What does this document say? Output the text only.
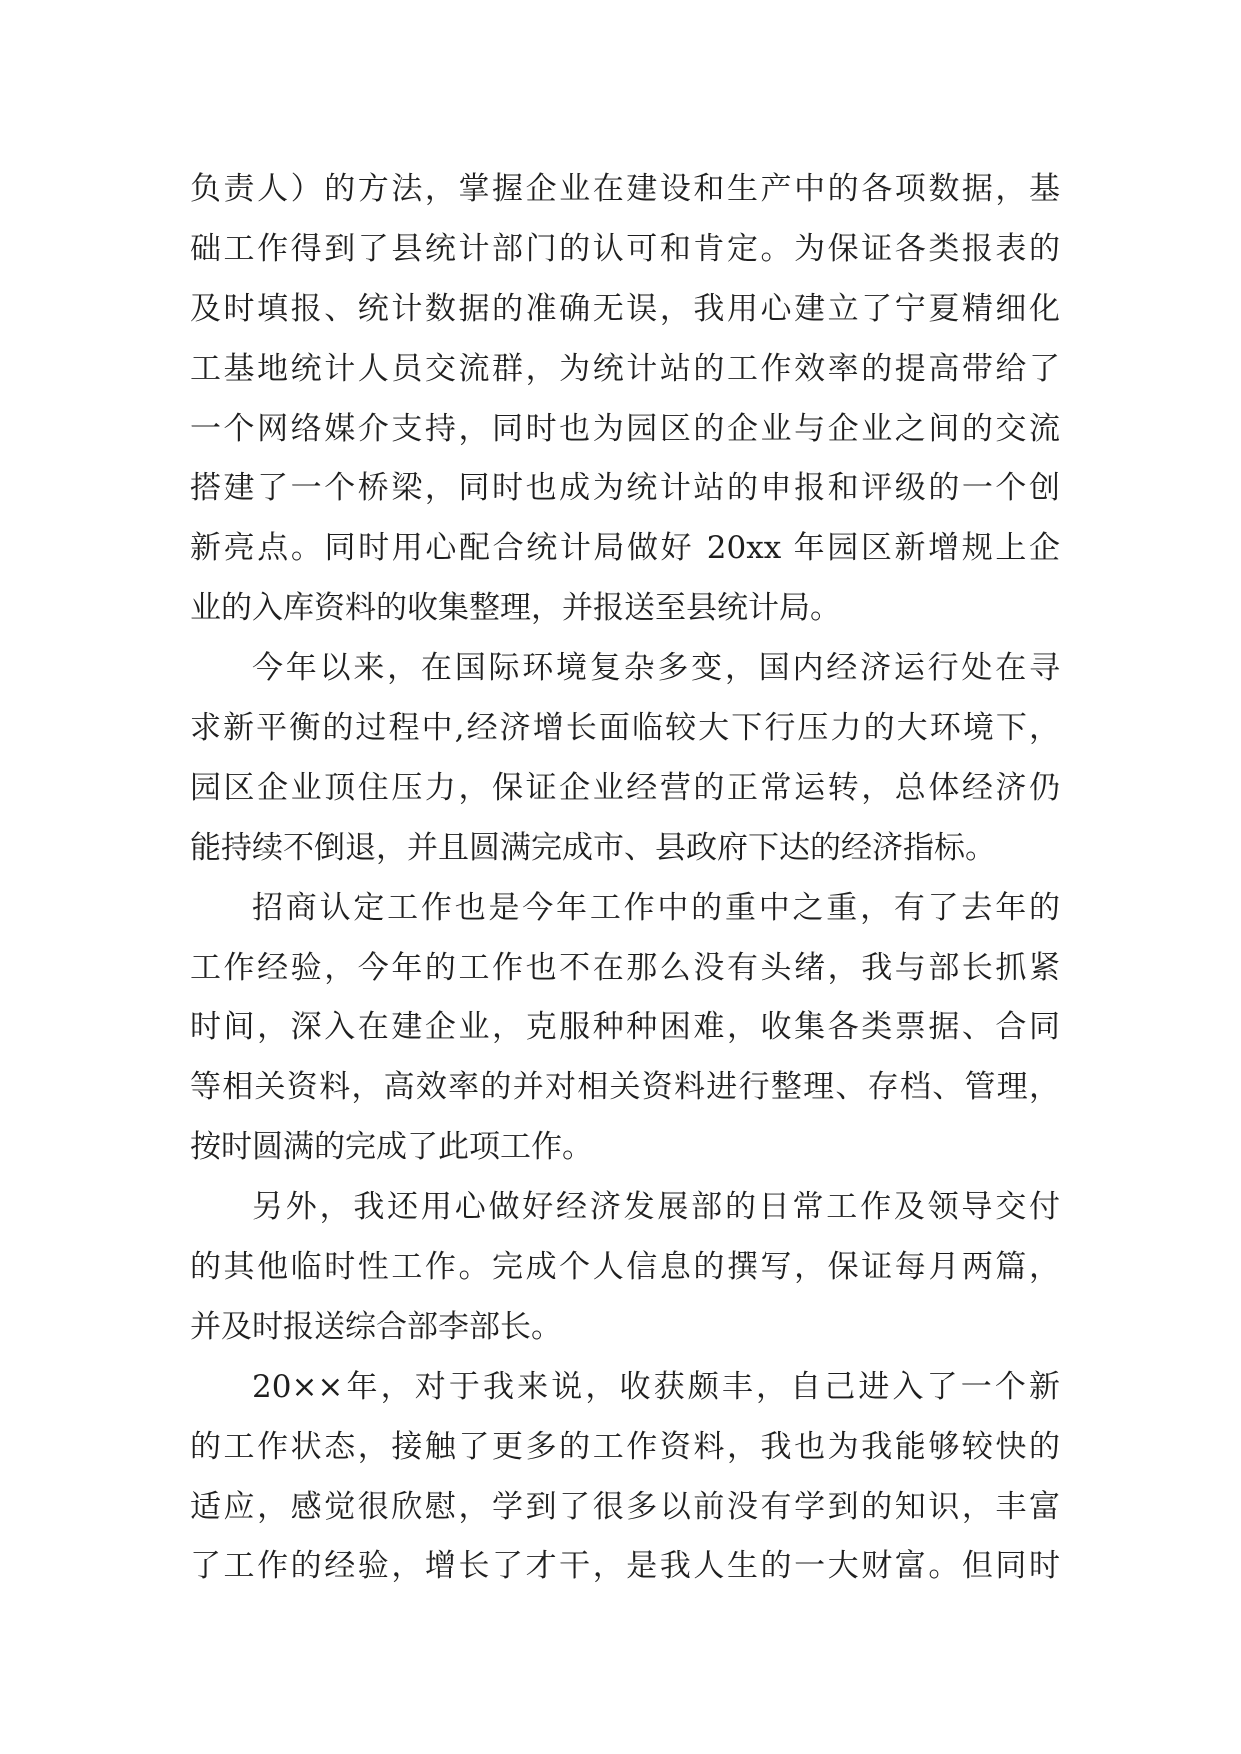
负责人）的方法，掌握企业在建设和生产中的各项数据，基
础工作得到了县统计部门的认可和肯定。为保证各类报表的
及时填报、统计数据的准确无误，我用心建立了宁夏精细化
工基地统计人员交流群，为统计站的工作效率的提高带给了
一个网络媒介支持，同时也为园区的企业与企业之间的交流
搭建了一个桥梁，同时也成为统计站的申报和评级的一个创
新亮点。同时用心配合统计局做好 20xx 年园区新增规上企
业的入库资料的收集整理，并报送至县统计局。
今年以来，在国际环境复杂多变，国内经济运行处在寻
求新平衡的过程中,经济增长面临较大下行压力的大环境下，
园区企业顶住压力，保证企业经营的正常运转，总体经济仍
能持续不倒退，并且圆满完成市、县政府下达的经济指标。
招商认定工作也是今年工作中的重中之重，有了去年的
工作经验，今年的工作也不在那么没有头绪，我与部长抓紧
时间，深入在建企业，克服种种困难，收集各类票据、合同
等相关资料，高效率的并对相关资料进行整理、存档、管理，
按时圆满的完成了此项工作。
另外，我还用心做好经济发展部的日常工作及领导交付
的其他临时性工作。完成个人信息的撰写，保证每月两篇，
并及时报送综合部李部长。
20××年，对于我来说，收获颇丰，自己进入了一个新
的工作状态，接触了更多的工作资料，我也为我能够较快的
适应，感觉很欣慰，学到了很多以前没有学到的知识，丰富
了工作的经验，增长了才干，是我人生的一大财富。但同时
